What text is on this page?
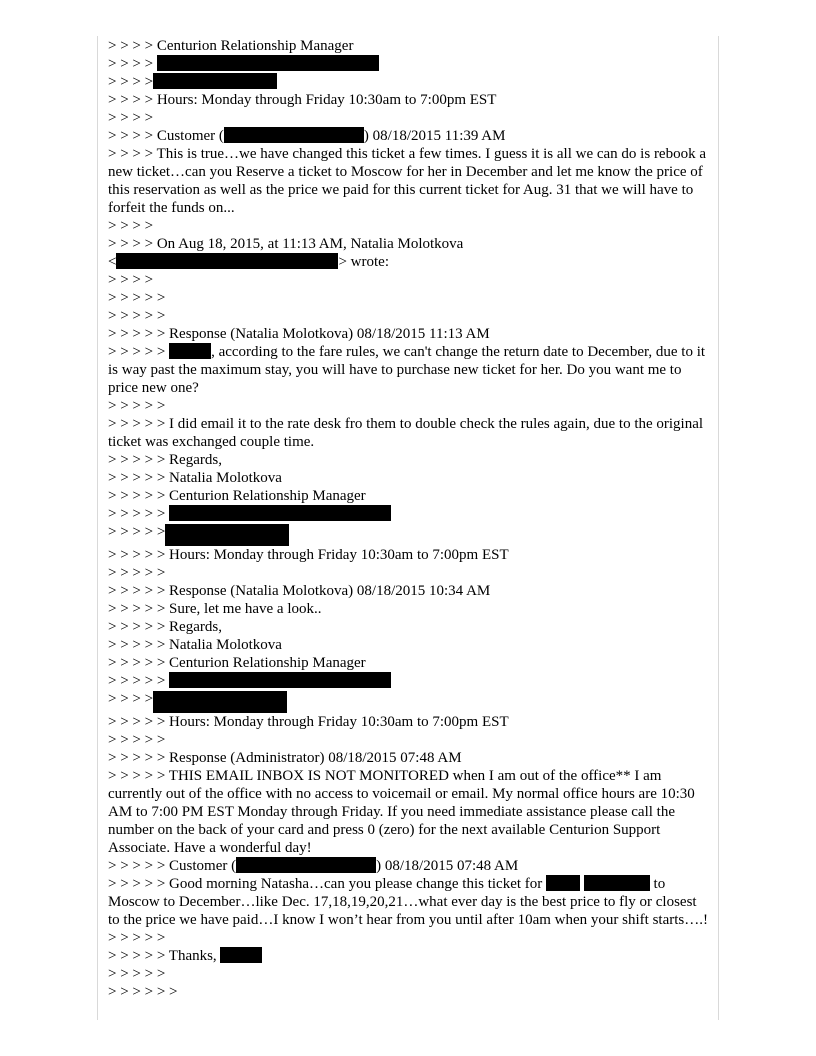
> > > > Centurion Relationship Manager

> > > >

> > > >

> > > > Hours: Monday through Friday 10:30am to 7:00pm EST

> > > >

> > > > Customer (	) 08/18/2015 11:39 AM

> > > > This is true…we have changed this ticket a few times. I guess it is all we can do is rebook a new ticket…can you Reserve a ticket to Moscow for her in December and let me know the price of this reservation as well as the price we paid for this current ticket for Aug. 31 that we will have to forfeit the funds on...

> > > >

> > > > On Aug 18, 2015, at 11:13 AM, Natalia Molotkova

<	> wrote:

> > > >

> > > > >

> > > > >

> > > > > Response (Natalia Molotkova) 08/18/2015 11:13 AM

> > > > >	, according to the fare rules, we can't change the return date to December, due to it is way past the maximum stay, you will have to purchase new ticket for her. Do you want me to price new one?

> > > > >

> > > > > I did email it to the rate desk fro them to double check the rules again, due to the original ticket was exchanged couple time.

> > > > > Regards,

> > > > > Natalia Molotkova

> > > > > Centurion Relationship Manager

> > > > >

> > > > >

> > > > > Hours: Monday through Friday 10:30am to 7:00pm EST

> > > > >

> > > > > Response (Natalia Molotkova) 08/18/2015 10:34 AM

> > > > > Sure, let me have a look..

> > > > > Regards,

> > > > > Natalia Molotkova

> > > > > Centurion Relationship Manager

> > > > >

> > > >

> > > > > Hours: Monday through Friday 10:30am to 7:00pm EST

> > > > >

> > > > > Response (Administrator) 08/18/2015 07:48 AM

> > > > > THIS EMAIL INBOX IS NOT MONITORED when I am out of the office** I am currently out of the office with no access to voicemail or email. My normal office hours are 10:30 AM to 7:00 PM EST Monday through Friday. If you need immediate assistance please call the number on the back of your card and press 0 (zero) for the next available Centurion Support Associate. Have a wonderful day!

> > > > > Customer (	) 08/18/2015 07:48 AM

> > > > > Good morning Natasha…can you please change this ticket for	to Moscow to December…like Dec. 17,18,19,20,21…what ever day is the best price to fly or closest to the price we have paid…I know I won’t hear from you until after 10am when your shift starts….!

> > > > >

> > > > > Thanks,

> > > > >

> > > > > >
